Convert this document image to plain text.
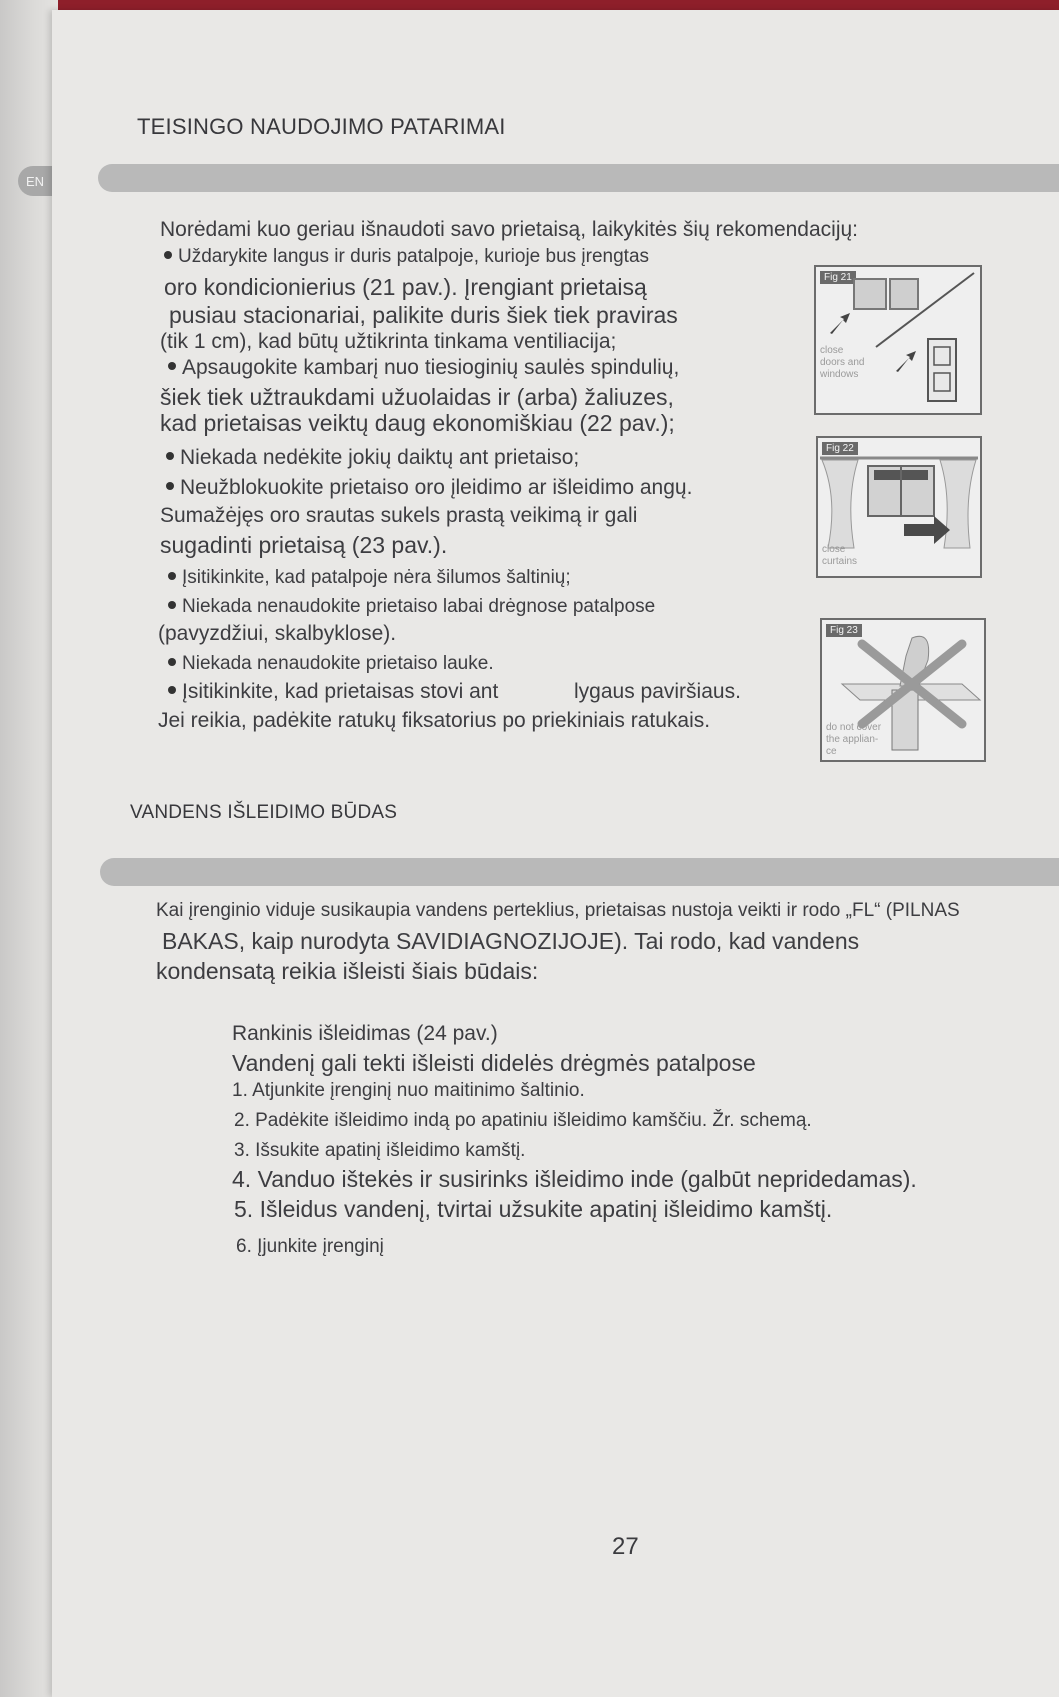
EN
TEISINGO NAUDOJIMO PATARIMAI
Norėdami kuo geriau išnaudoti savo prietaisą, laikykitės šių rekomendacijų:
Uždarykite langus ir duris patalpoje, kurioje bus įrengtas
oro kondicionierius (21 pav.). Įrengiant prietaisą
pusiau stacionariai, palikite duris šiek tiek praviras
(tik 1 cm), kad būtų užtikrinta tinkama ventiliacija;
Apsaugokite kambarį nuo tiesioginių saulės spindulių,
šiek tiek užtraukdami užuolaidas ir (arba) žaliuzes,
kad prietaisas veiktų daug ekonomiškiau (22 pav.);
Niekada nedėkite jokių daiktų ant prietaiso;
Neužblokuokite prietaiso oro įleidimo ar išleidimo angų.
Sumažėjęs oro srautas sukels prastą veikimą ir gali
sugadinti prietaisą (23 pav.).
Įsitikinkite, kad patalpoje nėra šilumos šaltinių;
Niekada nenaudokite prietaiso labai drėgnose patalpose
(pavyzdžiui, skalbyklose).
Niekada nenaudokite prietaiso lauke.
Įsitikinkite, kad prietaisas stovi ant	lygaus paviršiaus.
Jei reikia, padėkite ratukų fiksatorius po priekiniais ratukais.
Fig 21
close
doors and
windows
Fig 22
close
curtains
Fig 23
do not cover
the applian-
ce
VANDENS IŠLEIDIMO BŪDAS
Kai įrenginio viduje susikaupia vandens perteklius, prietaisas nustoja veikti ir rodo „FL“ (PILNAS
BAKAS, kaip nurodyta SAVIDIAGNOZIJOJE). Tai rodo, kad vandens
kondensatą reikia išleisti šiais būdais:
Rankinis išleidimas (24 pav.)
Vandenį gali tekti išleisti didelės drėgmės patalpose
1. Atjunkite įrenginį nuo maitinimo šaltinio.
2. Padėkite išleidimo indą po apatiniu išleidimo kamščiu. Žr. schemą.
3. Išsukite apatinį išleidimo kamštį.
4. Vanduo ištekės ir susirinks išleidimo inde (galbūt nepridedamas).
5. Išleidus vandenį, tvirtai užsukite apatinį išleidimo kamštį.
6. Įjunkite įrenginį
27
